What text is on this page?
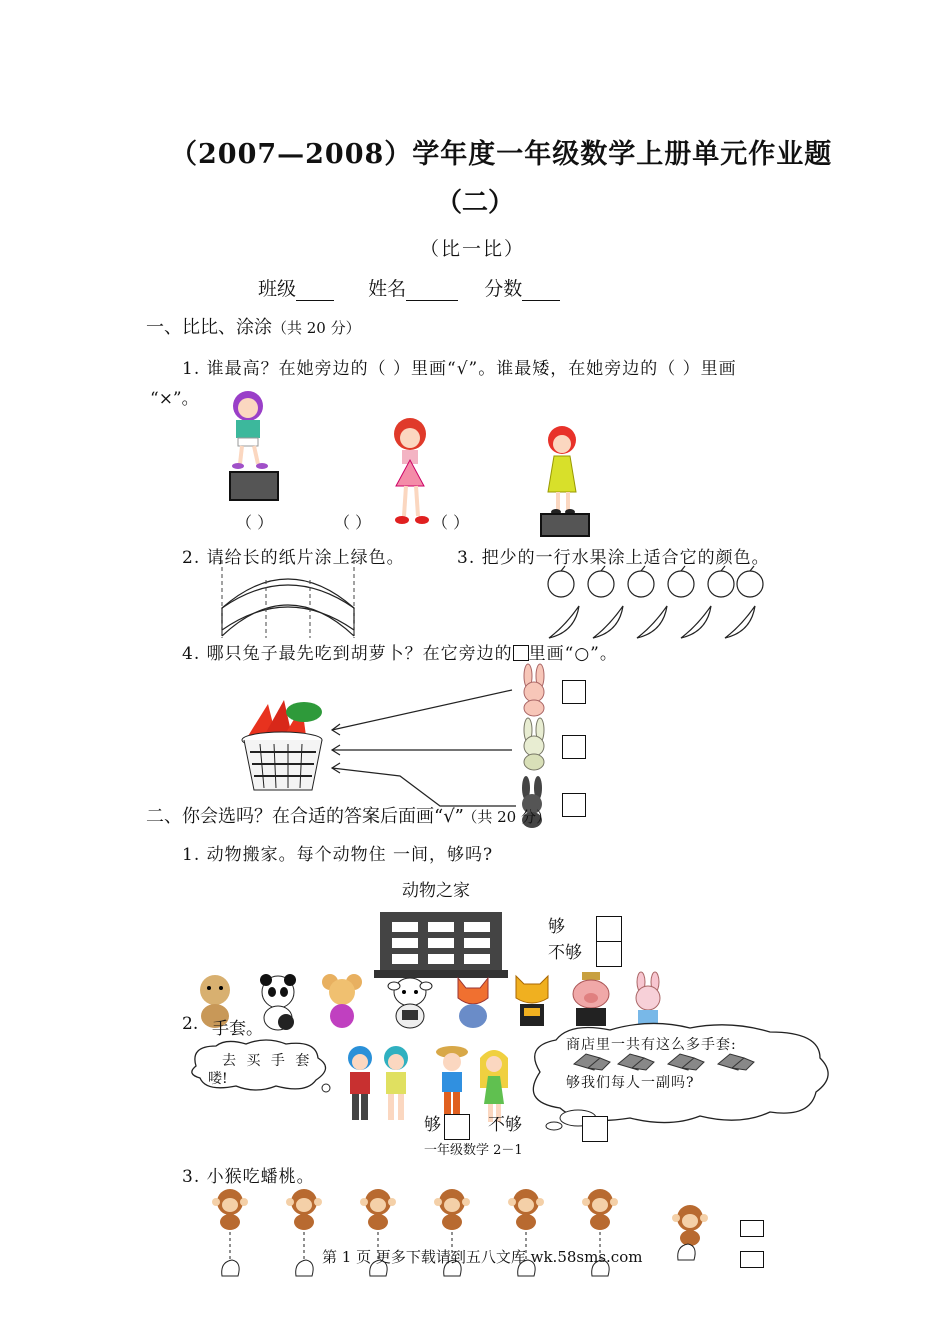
（2007—2008）学年度一年级数学上册单元作业题
（二）
（比一比）
班级	姓名	分数
一、比比、涂涂（共 20 分）
1. 谁最高？在她旁边的（ ）里画“√”。谁最矮，在她旁边的（ ）里画
“×”。
（ ）	（ ）	（ ）
2. 请给长的纸片涂上绿色。	3. 把少的一行水果涂上适合它的颜色。
4. 哪只兔子最先吃到胡萝卜？在它旁边的 里画“○”。
二、你会选吗？在合适的答案后面画“√” （共 20 分）
1. 动物搬家。每个动物住 一间，够吗?
动物之家
够
不够
2. 手套。
去 买 手 套
喽!
商店里一共有这么多手套:
够我们每人一副吗?
够	不够
一年级数学 2－1
3. 小猴吃蟠桃。
第 1 页 更多下载请到五八文库 wk.58sms.com
